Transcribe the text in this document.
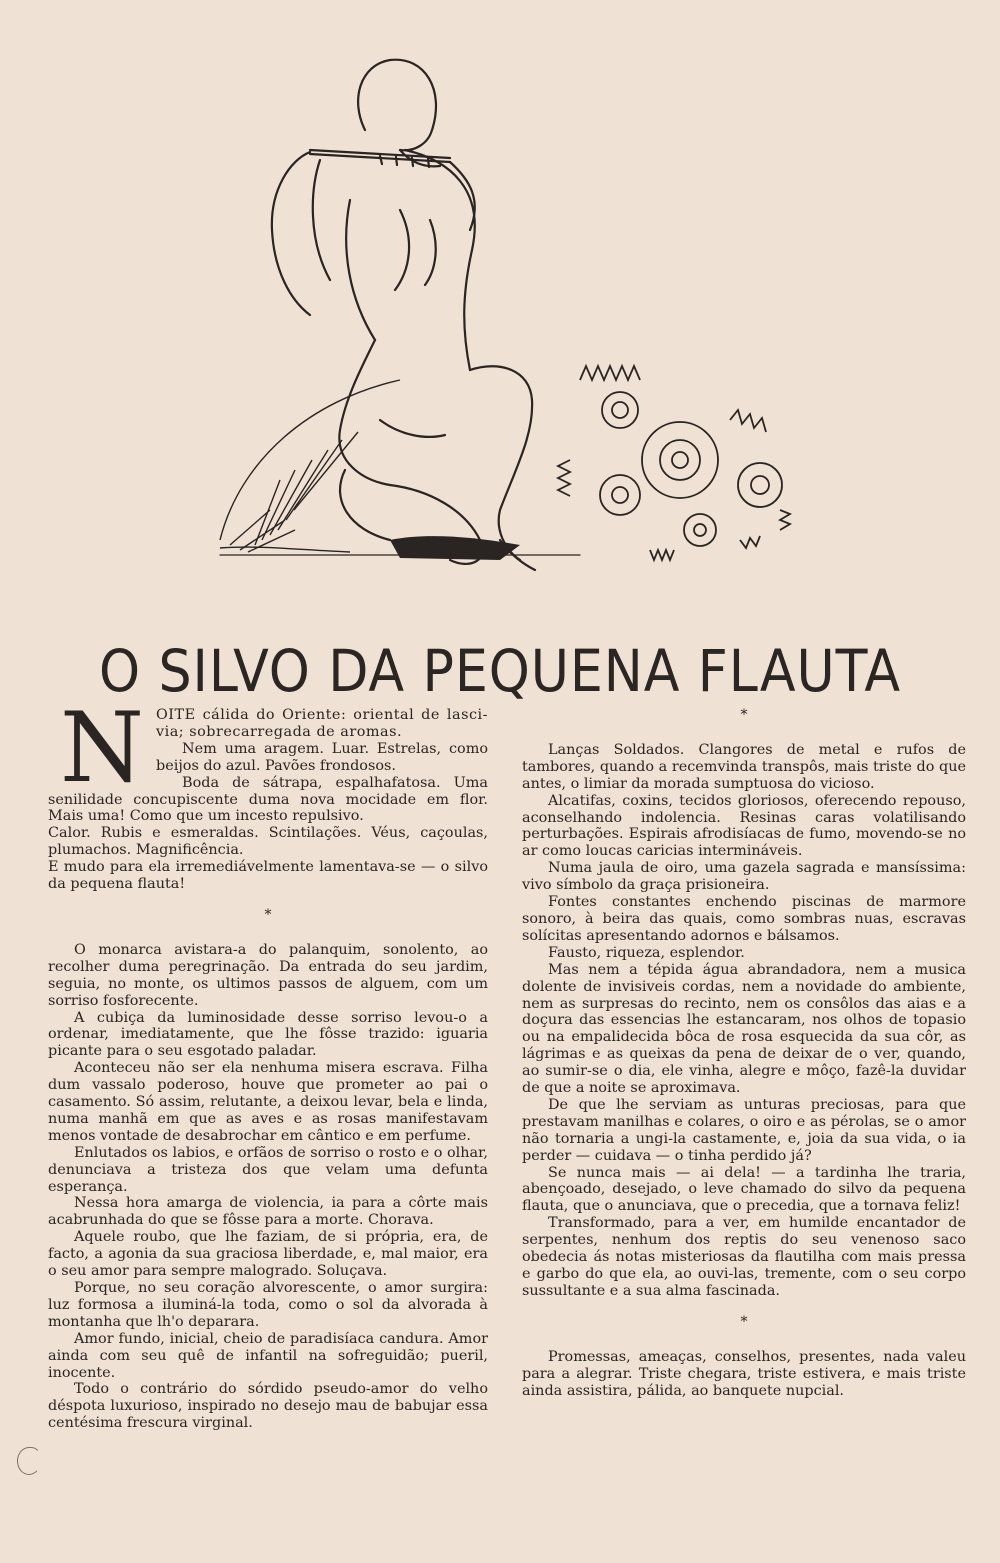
O SILVO DA PEQUENA FLAUTA
N OITE cálida do Oriente: oriental de lasci-via; sobrecarregada de aromas.

Nem uma aragem. Luar. Estrelas, como beijos do azul. Pavões frondosos.

Boda de sátrapa, espalhafatosa. Uma senilidade concupiscente duma nova mocidade em flor. Mais uma! Como que um incesto repulsivo.

Calor. Rubis e esmeraldas. Scintilações. Véus, caçoulas, plumachos. Magnificência.

E mudo para ela irremediávelmente lamentava-se — o silvo da pequena flauta!

*

O monarca avistara-a do palanquim, sonolento, ao recolher duma peregrinação. Da entrada do seu jardim, seguia, no monte, os ultimos passos de alguem, com um sorriso fosforecente.

A cubiça da luminosidade desse sorriso levou-o a ordenar, imediatamente, que lhe fôsse trazido: iguaria picante para o seu esgotado paladar.

Aconteceu não ser ela nenhuma misera escrava. Filha dum vassalo poderoso, houve que prometer ao pai o casamento. Só assim, relutante, a deixou levar, bela e linda, numa manhã em que as aves e as rosas manifestavam menos vontade de desabrochar em cântico e em perfume.

Enlutados os labios, e orfãos de sorriso o rosto e o olhar, denunciava a tristeza dos que velam uma defunta esperança.

Nessa hora amarga de violencia, ia para a côrte mais acabrunhada do que se fôsse para a morte. Chorava.

Aquele roubo, que lhe faziam, de si própria, era, de facto, a agonia da sua graciosa liberdade, e, mal maior, era o seu amor para sempre malogrado. Soluçava.

Porque, no seu coração alvorescente, o amor surgira: luz formosa a iluminá-la toda, como o sol da alvorada à montanha que lh'o deparara.

Amor fundo, inicial, cheio de paradisíaca candura. Amor ainda com seu quê de infantil na sofreguidão; pueril, inocente.

Todo o contrário do sórdido pseudo-amor do velho déspota luxurioso, inspirado no desejo mau de babujar essa centésima frescura virginal.

*

Lanças Soldados. Clangores de metal e rufos de tambores, quando a recemvinda transpôs, mais triste do que antes, o limiar da morada sumptuosa do vicioso.

Alcatifas, coxins, tecidos gloriosos, oferecendo repouso, aconselhando indolencia. Resinas caras volatilisando perturbações. Espirais afrodisíacas de fumo, movendo-se no ar como loucas caricias intermináveis.

Numa jaula de oiro, uma gazela sagrada e mansíssima: vivo símbolo da graça prisioneira.

Fontes constantes enchendo piscinas de marmore sonoro, à beira das quais, como sombras nuas, escravas solícitas apresentando adornos e bálsamos.

Fausto, riqueza, esplendor.

Mas nem a tépida água abrandadora, nem a musica dolente de invisiveis cordas, nem a novidade do ambiente, nem as surpresas do recinto, nem os consôlos das aias e a doçura das essencias lhe estancaram, nos olhos de topasio ou na empalidecida bôca de rosa esquecida da sua côr, as lágrimas e as queixas da pena de deixar de o ver, quando, ao sumir-se o dia, ele vinha, alegre e môço, fazê-la duvidar de que a noite se aproximava.

De que lhe serviam as unturas preciosas, para que prestavam manilhas e colares, o oiro e as pérolas, se o amor não tornaria a ungi-la castamente, e, joia da sua vida, o ia perder — cuidava — o tinha perdido já?

Se nunca mais — ai dela! — a tardinha lhe traria, abençoado, desejado, o leve chamado do silvo da pequena flauta, que o anunciava, que o precedia, que a tornava feliz!

Transformado, para a ver, em humilde encantador de serpentes, nenhum dos reptis do seu venenoso saco obedecia ás notas misteriosas da flautilha com mais pressa e garbo do que ela, ao ouvi-las, tremente, com o seu corpo sussultante e a sua alma fascinada.

*

Promessas, ameaças, conselhos, presentes, nada valeu para a alegrar. Triste chegara, triste estivera, e mais triste ainda assistira, pálida, ao banquete nupcial.
